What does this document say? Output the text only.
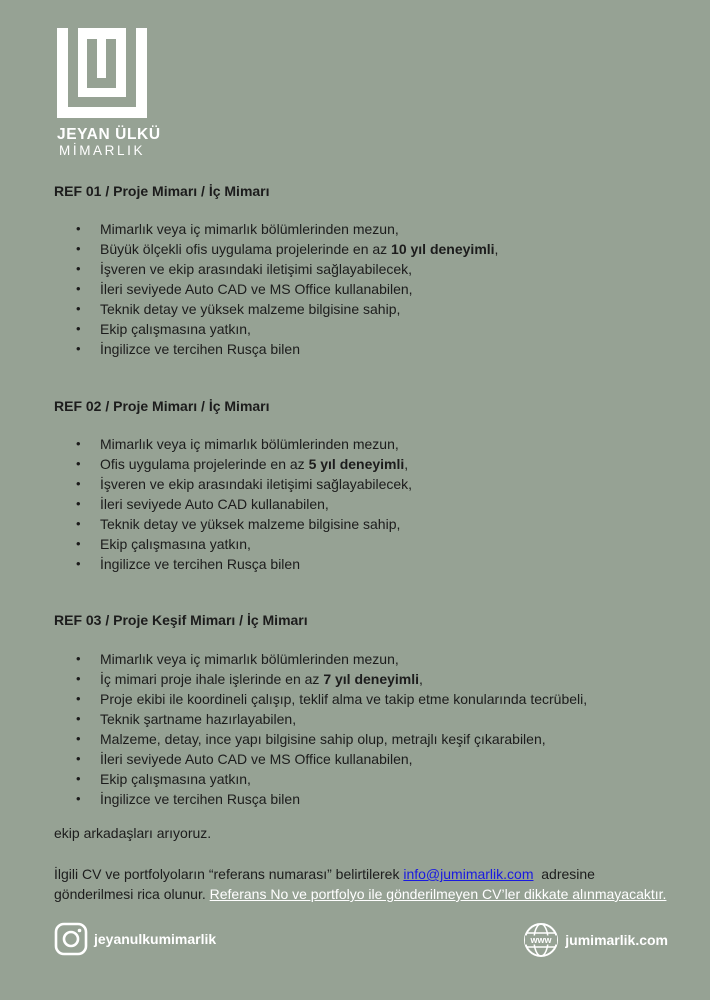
JEYAN ÜLKÜ
MİMARLIK
REF 01 / Proje Mimarı / İç Mimarı
• Mimarlık veya iç mimarlık bölümlerinden mezun,
• Büyük ölçekli ofis uygulama projelerinde en az 10 yıl deneyimli,
• İşveren ve ekip arasındaki iletişimi sağlayabilecek,
• İleri seviyede Auto CAD ve MS Office kullanabilen,
• Teknik detay ve yüksek malzeme bilgisine sahip,
• Ekip çalışmasına yatkın,
• İngilizce ve tercihen Rusça bilen
REF 02 / Proje Mimarı / İç Mimarı
• Mimarlık veya iç mimarlık bölümlerinden mezun,
• Ofis uygulama projelerinde en az 5 yıl deneyimli,
• İşveren ve ekip arasındaki iletişimi sağlayabilecek,
• İleri seviyede Auto CAD kullanabilen,
• Teknik detay ve yüksek malzeme bilgisine sahip,
• Ekip çalışmasına yatkın,
• İngilizce ve tercihen Rusça bilen
REF 03 / Proje Keşif Mimarı / İç Mimarı
• Mimarlık veya iç mimarlık bölümlerinden mezun,
• İç mimari proje ihale işlerinde en az 7 yıl deneyimli,
• Proje ekibi ile koordineli çalışıp, teklif alma ve takip etme konularında tecrübeli,
• Teknik şartname hazırlayabilen,
• Malzeme, detay, ince yapı bilgisine sahip olup, metrajlı keşif çıkarabilen,
• İleri seviyede Auto CAD ve MS Office kullanabilen,
• Ekip çalışmasına yatkın,
• İngilizce ve tercihen Rusça bilen
ekip arkadaşları arıyoruz.
İlgili CV ve portfolyoların “referans numarası” belirtilerek info@jumimarlik.com  adresine
gönderilmesi rica olunur. Referans No ve portfolyo ile gönderilmeyen CV’ler dikkate alınmayacaktır.
jeyanulkumimarlik	www jumimarlik.com
